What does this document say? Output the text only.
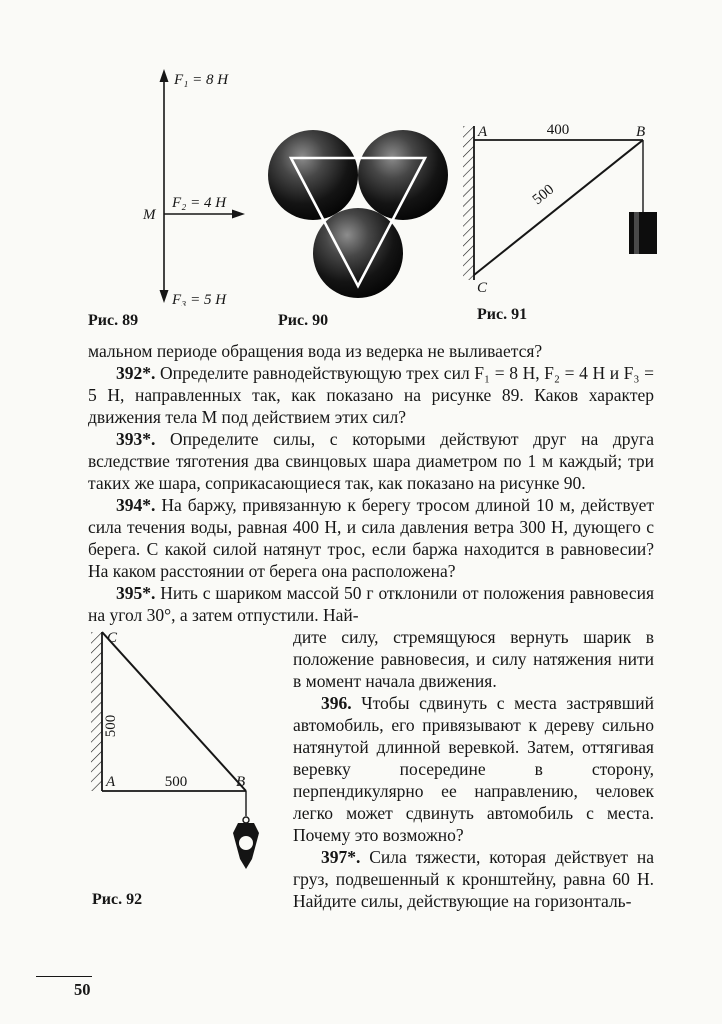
F₁ = 8 Н
F₂ = 4 Н
F₃ = 5 Н
М
Рис. 89	Рис. 90
A	B
C
400
500
Рис. 91

мальном периоде обращения вода из ведерка не выливается?

392*. Определите равнодействующую трех сил F₁ = 8 Н, F₂ = 4 Н и F₃ = 5 Н, направленных так, как показано на рисунке 89. Каков характер движения тела М под действием этих сил?

393*. Определите силы, с которыми действуют друг на друга вследствие тяготения два свинцовых шара диаметром по 1 м каждый; три таких же шара, соприкасающиеся так, как показано на рисунке 90.

394*. На баржу, привязанную к берегу тросом длиной 10 м, действует сила течения воды, равная 400 Н, и сила давления ветра 300 Н, дующего с берега. С какой силой натянут трос, если баржа находится в равновесии? На каком расстоянии от берега она расположена?

395*. Нить с шариком массой 50 г отклонили от положения равновесия на угол 30°, а затем отпустили. Най-

C
A	B
500
500
Рис. 92

дите силу, стремящуюся вернуть шарик в положение равновесия, и силу натяжения нити в момент начала движения.

396. Чтобы сдвинуть с места застрявший автомобиль, его привязывают к дереву сильно натянутой длинной веревкой. Затем, оттягивая веревку посередине в сторону, перпендикулярно ее направлению, человек легко может сдвинуть автомобиль с места. Почему это возможно?

397*. Сила тяжести, которая действует на груз, подвешенный к кронштейну, равна 60 Н. Найдите силы, действующие на горизонталь-

50
